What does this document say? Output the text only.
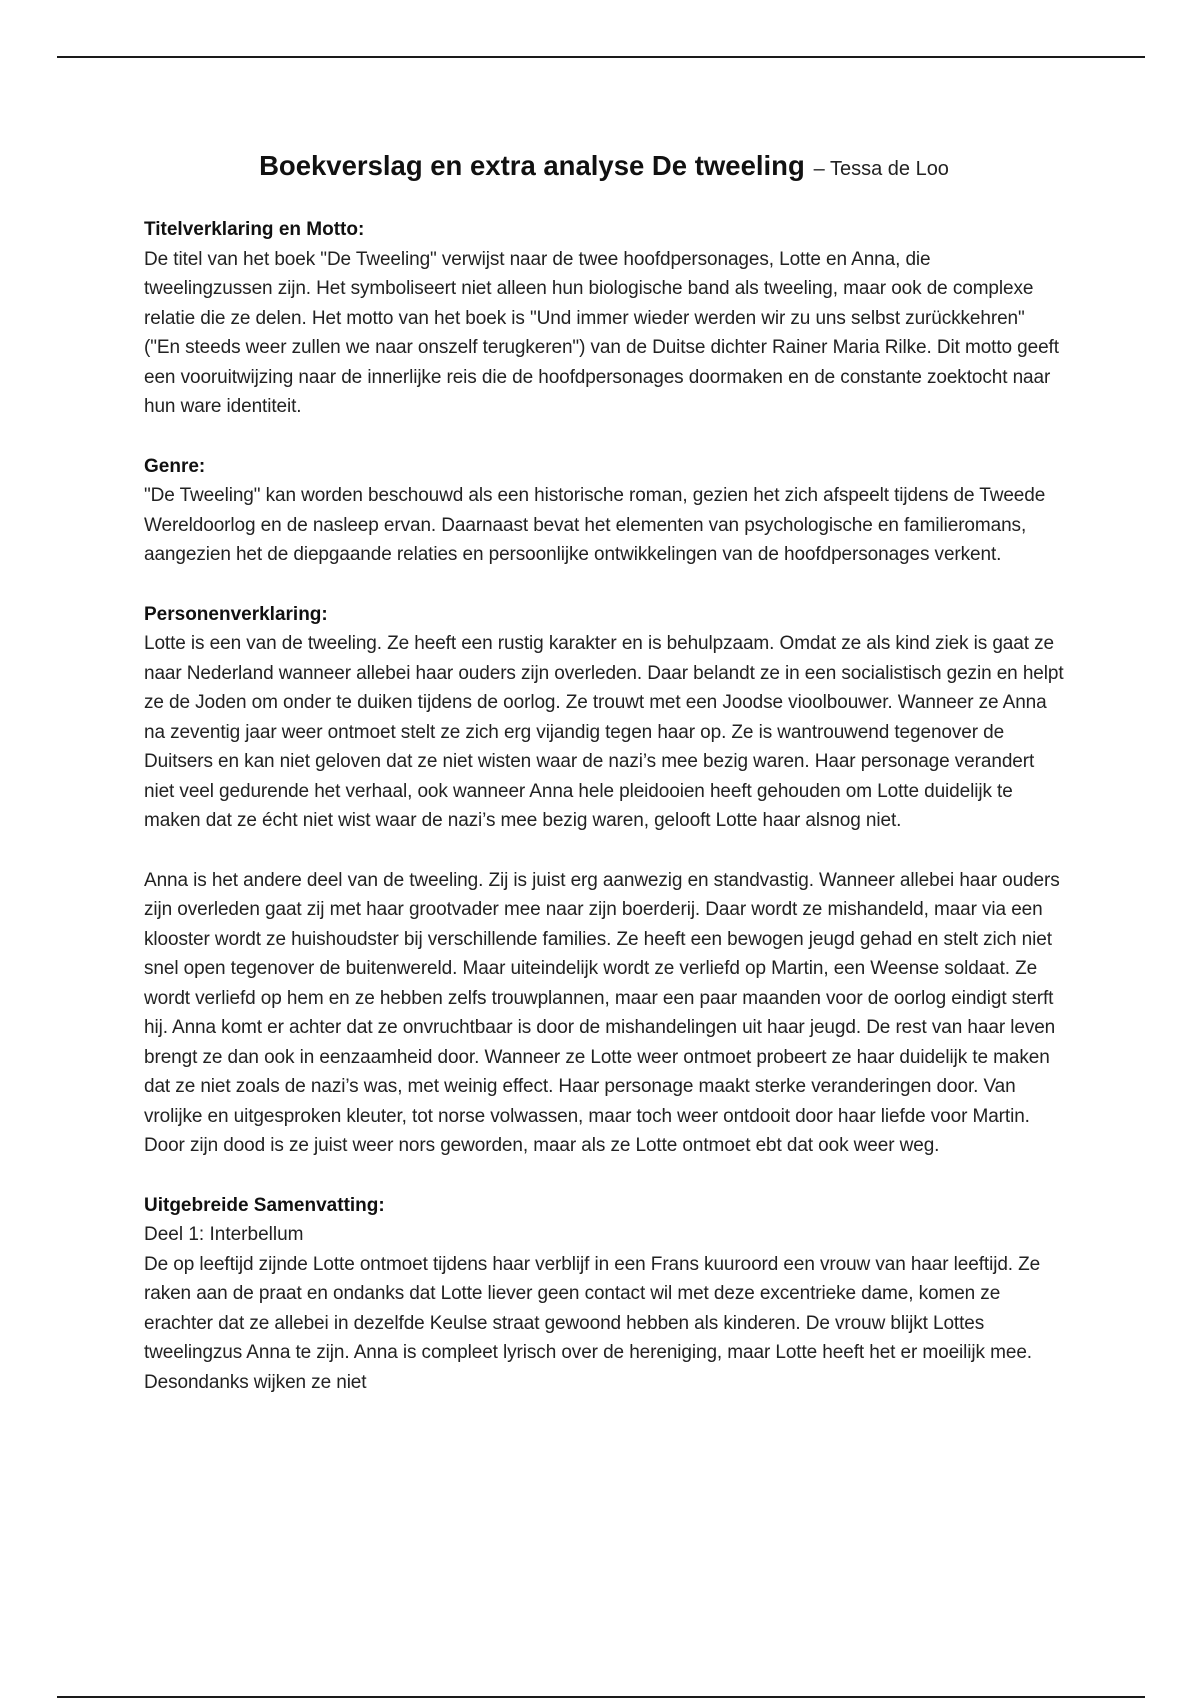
Boekverslag en extra analyse De tweeling – Tessa de Loo
Titelverklaring en Motto:

De titel van het boek "De Tweeling" verwijst naar de twee hoofdpersonages, Lotte en Anna, die tweelingzussen zijn. Het symboliseert niet alleen hun biologische band als tweeling, maar ook de complexe relatie die ze delen. Het motto van het boek is "Und immer wieder werden wir zu uns selbst zurückkehren" ("En steeds weer zullen we naar onszelf terugkeren") van de Duitse dichter Rainer Maria Rilke. Dit motto geeft een vooruitwijzing naar de innerlijke reis die de hoofdpersonages doormaken en de constante zoektocht naar hun ware identiteit.

Genre:

"De Tweeling" kan worden beschouwd als een historische roman, gezien het zich afspeelt tijdens de Tweede Wereldoorlog en de nasleep ervan. Daarnaast bevat het elementen van psychologische en familieromans, aangezien het de diepgaande relaties en persoonlijke ontwikkelingen van de hoofdpersonages verkent.

Personenverklaring:

Lotte is een van de tweeling. Ze heeft een rustig karakter en is behulpzaam. Omdat ze als kind ziek is gaat ze naar Nederland wanneer allebei haar ouders zijn overleden. Daar belandt ze in een socialistisch gezin en helpt ze de Joden om onder te duiken tijdens de oorlog. Ze trouwt met een Joodse vioolbouwer. Wanneer ze Anna na zeventig jaar weer ontmoet stelt ze zich erg vijandig tegen haar op. Ze is wantrouwend tegenover de Duitsers en kan niet geloven dat ze niet wisten waar de nazi’s mee bezig waren. Haar personage verandert niet veel gedurende het verhaal, ook wanneer Anna hele pleidooien heeft gehouden om Lotte duidelijk te maken dat ze écht niet wist waar de nazi’s mee bezig waren, gelooft Lotte haar alsnog niet.

Anna is het andere deel van de tweeling. Zij is juist erg aanwezig en standvastig. Wanneer allebei haar ouders zijn overleden gaat zij met haar grootvader mee naar zijn boerderij. Daar wordt ze mishandeld, maar via een klooster wordt ze huishoudster bij verschillende families. Ze heeft een bewogen jeugd gehad en stelt zich niet snel open tegenover de buitenwereld. Maar uiteindelijk wordt ze verliefd op Martin, een Weense soldaat. Ze wordt verliefd op hem en ze hebben zelfs trouwplannen, maar een paar maanden voor de oorlog eindigt sterft hij. Anna komt er achter dat ze onvruchtbaar is door de mishandelingen uit haar jeugd. De rest van haar leven brengt ze dan ook in eenzaamheid door. Wanneer ze Lotte weer ontmoet probeert ze haar duidelijk te maken dat ze niet zoals de nazi’s was, met weinig effect. Haar personage maakt sterke veranderingen door. Van vrolijke en uitgesproken kleuter, tot norse volwassen, maar toch weer ontdooit door haar liefde voor Martin. Door zijn dood is ze juist weer nors geworden, maar als ze Lotte ontmoet ebt dat ook weer weg.

Uitgebreide Samenvatting:
Deel 1: Interbellum

De op leeftijd zijnde Lotte ontmoet tijdens haar verblijf in een Frans kuuroord een vrouw van haar leeftijd. Ze raken aan de praat en ondanks dat Lotte liever geen contact wil met deze excentrieke dame, komen ze erachter dat ze allebei in dezelfde Keulse straat gewoond hebben als kinderen. De vrouw blijkt Lottes tweelingzus Anna te zijn. Anna is compleet lyrisch over de hereniging, maar Lotte heeft het er moeilijk mee. Desondanks wijken ze niet
